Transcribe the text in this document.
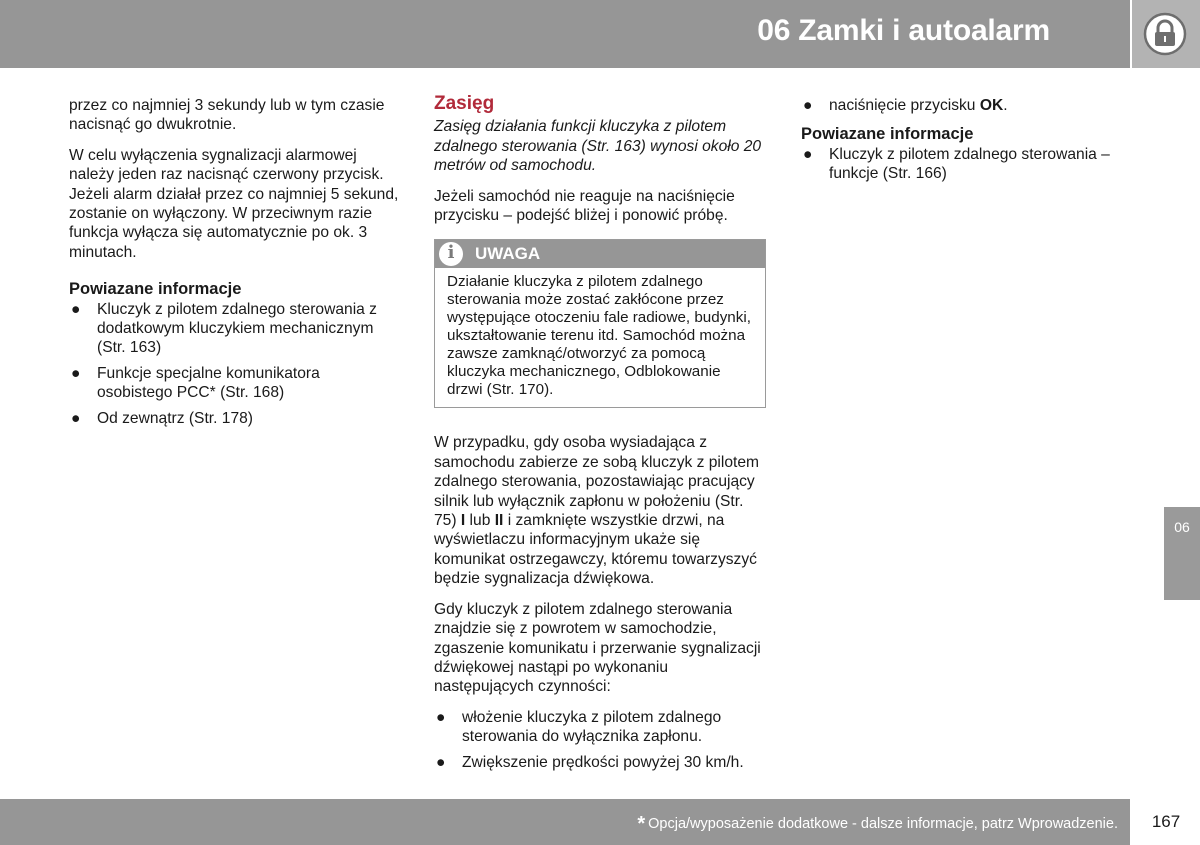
06 Zamki i autoalarm

przez co najmniej 3 sekundy lub w tym czasie nacisnąć go dwukrotnie.

W celu wyłączenia sygnalizacji alarmowej należy jeden raz nacisnąć czerwony przycisk. Jeżeli alarm działał przez co najmniej 5 sekund, zostanie on wyłączony. W przeciwnym razie funkcja wyłącza się automatycznie po ok. 3 minutach.

Powiazane informacje
● Kluczyk z pilotem zdalnego sterowania z dodatkowym kluczykiem mechanicznym (Str. 163)
● Funkcje specjalne komunikatora osobistego PCC* (Str. 168)
● Od zewnątrz (Str. 178)
Zasięg

Zasięg działania funkcji kluczyka z pilotem zdalnego sterowania (Str. 163) wynosi około 20 metrów od samochodu.

Jeżeli samochód nie reaguje na naciśnięcie przycisku – podejść bliżej i ponowić próbę.

i	UWAGA
Działanie kluczyka z pilotem zdalnego sterowania może zostać zakłócone przez występujące otoczeniu fale radiowe, budynki, ukształtowanie terenu itd. Samochód można zawsze zamknąć/otworzyć za pomocą kluczyka mechanicznego, Odblokowanie drzwi (Str. 170).

W przypadku, gdy osoba wysiadająca z samochodu zabierze ze sobą kluczyk z pilotem zdalnego sterowania, pozostawiając pracujący silnik lub wyłącznik zapłonu w położeniu (Str. 75) I lub II i zamknięte wszystkie drzwi, na wyświetlaczu informacyjnym ukaże się komunikat ostrzegawczy, któremu towarzyszyć będzie sygnalizacja dźwiękowa.

Gdy kluczyk z pilotem zdalnego sterowania znajdzie się z powrotem w samochodzie, zgaszenie komunikatu i przerwanie sygnalizacji dźwiękowej nastąpi po wykonaniu następujących czynności:

● włożenie kluczyka z pilotem zdalnego sterowania do wyłącznika zapłonu.
● Zwiększenie prędkości powyżej 30 km/h.
● naciśnięcie przycisku OK.
Powiazane informacje
● Kluczyk z pilotem zdalnego sterowania – funkcje (Str. 166)
06
* Opcja/wyposażenie dodatkowe - dalsze informacje, patrz Wprowadzenie.	167
